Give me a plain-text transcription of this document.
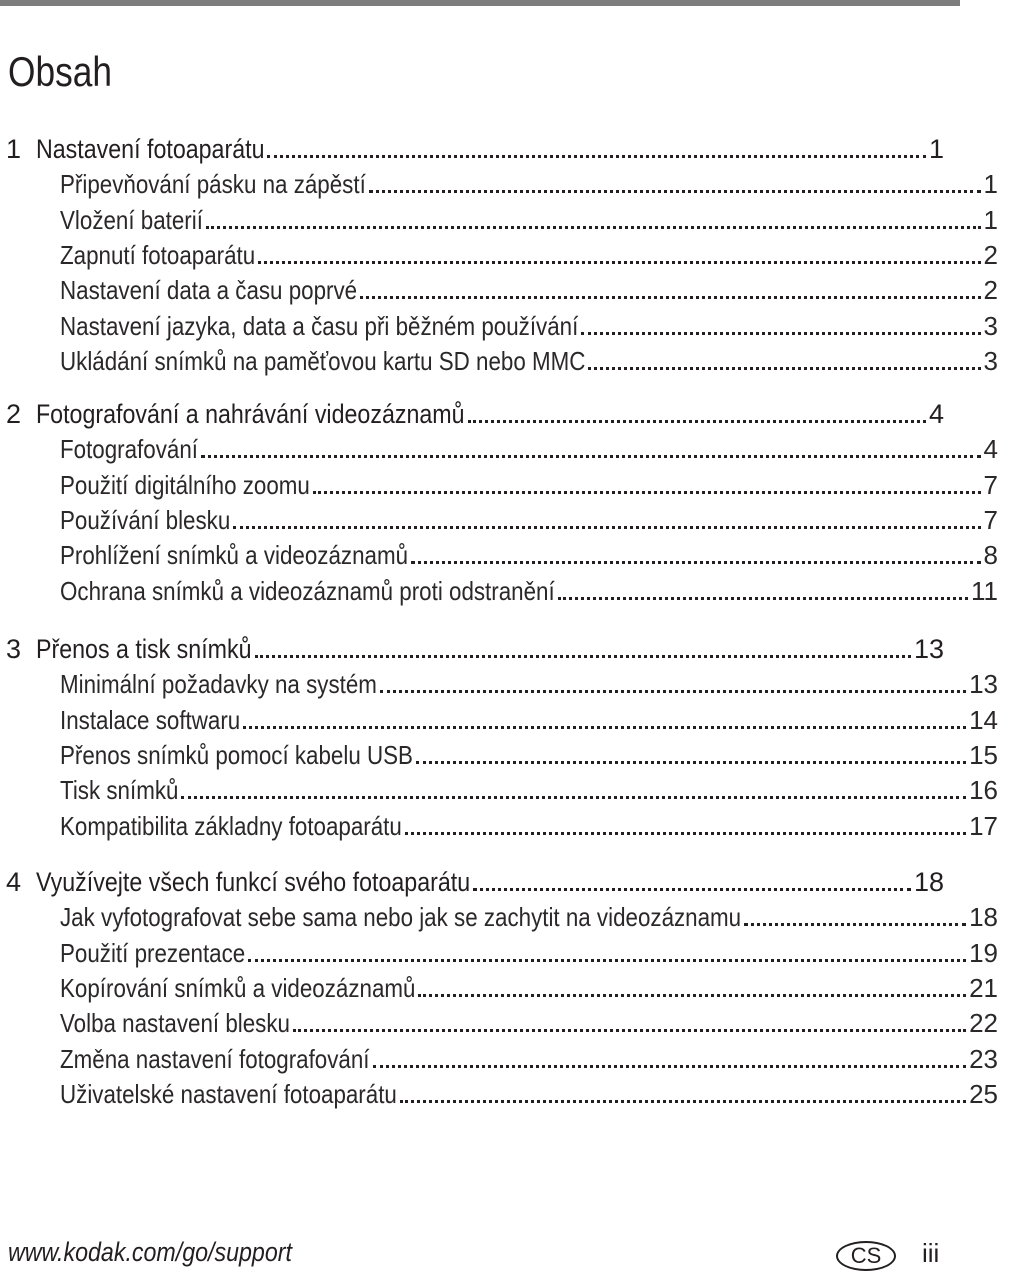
Obsah
1 Nastavení fotoaparátu	1
Připevňování pásku na zápěstí	1
Vložení baterií	1
Zapnutí fotoaparátu	2
Nastavení data a času poprvé	2
Nastavení jazyka, data a času při běžném používání	3
Ukládání snímků na paměťovou kartu SD nebo MMC	3
2 Fotografování a nahrávání videozáznamů	4
Fotografování	4
Použití digitálního zoomu	7
Používání blesku	7
Prohlížení snímků a videozáznamů	8
Ochrana snímků a videozáznamů proti odstranění	11
3 Přenos a tisk snímků	13
Minimální požadavky na systém	13
Instalace softwaru	14
Přenos snímků pomocí kabelu USB	15
Tisk snímků	16
Kompatibilita základny fotoaparátu	17
4 Využívejte všech funkcí svého fotoaparátu	18
Jak vyfotografovat sebe sama nebo jak se zachytit na videozáznamu	18
Použití prezentace	19
Kopírování snímků a videozáznamů	21
Volba nastavení blesku	22
Změna nastavení fotografování	23
Uživatelské nastavení fotoaparátu	25
www.kodak.com/go/support	CS	iii
